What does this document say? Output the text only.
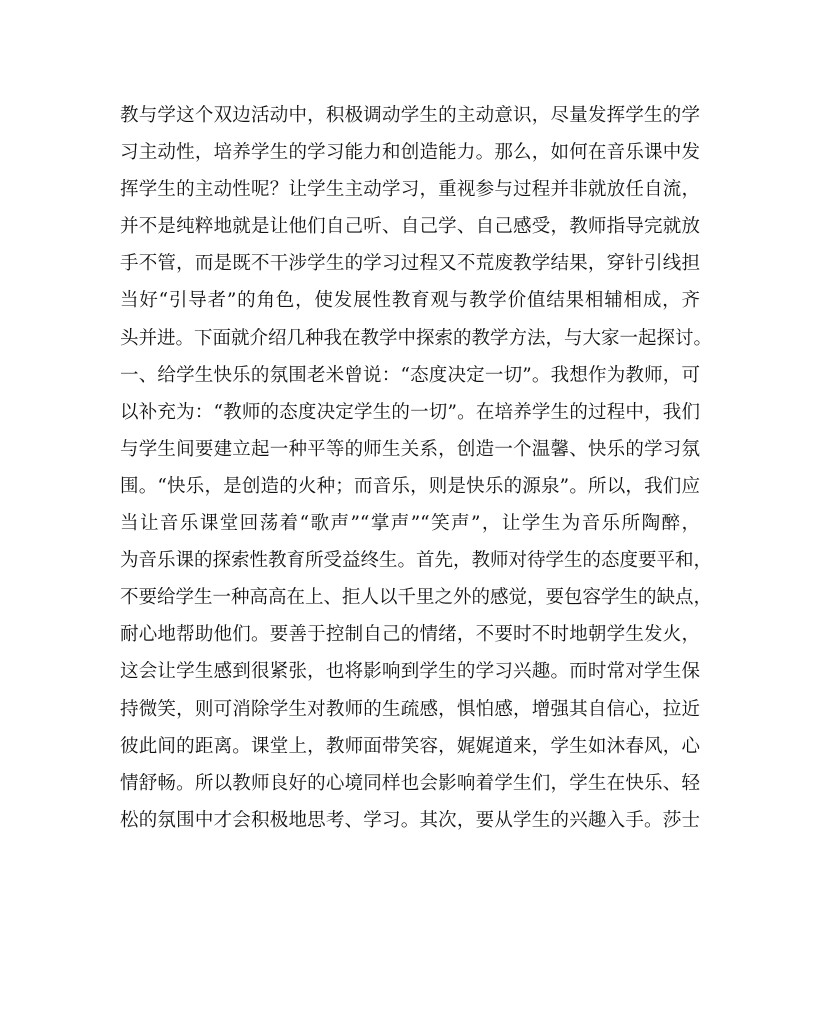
教与学这个双边活动中，积极调动学生的主动意识，尽量发挥学生的学
习主动性，培养学生的学习能力和创造能力。那么，如何在音乐课中发
挥学生的主动性呢？让学生主动学习，重视参与过程并非就放任自流，
并不是纯粹地就是让他们自己听、自己学、自己感受，教师指导完就放
手不管，而是既不干涉学生的学习过程又不荒废教学结果，穿针引线担
当好“引导者”的角色，使发展性教育观与教学价值结果相辅相成，齐
头并进。下面就介绍几种我在教学中探索的教学方法，与大家一起探讨。
一、给学生快乐的氛围老米曾说：“态度决定一切”。我想作为教师，可
以补充为：“教师的态度决定学生的一切”。在培养学生的过程中，我们
与学生间要建立起一种平等的师生关系，创造一个温馨、快乐的学习氛
围。“快乐，是创造的火种；而音乐，则是快乐的源泉”。所以，我们应
当让音乐课堂回荡着“歌声”“掌声”“笑声”，让学生为音乐所陶醉，
为音乐课的探索性教育所受益终生。首先，教师对待学生的态度要平和，
不要给学生一种高高在上、拒人以千里之外的感觉，要包容学生的缺点，
耐心地帮助他们。要善于控制自己的情绪，不要时不时地朝学生发火，
这会让学生感到很紧张，也将影响到学生的学习兴趣。而时常对学生保
持微笑，则可消除学生对教师的生疏感，惧怕感，增强其自信心，拉近
彼此间的距离。课堂上，教师面带笑容，娓娓道来，学生如沐春风，心
情舒畅。所以教师良好的心境同样也会影响着学生们，学生在快乐、轻
松的氛围中才会积极地思考、学习。其次，要从学生的兴趣入手。莎士
